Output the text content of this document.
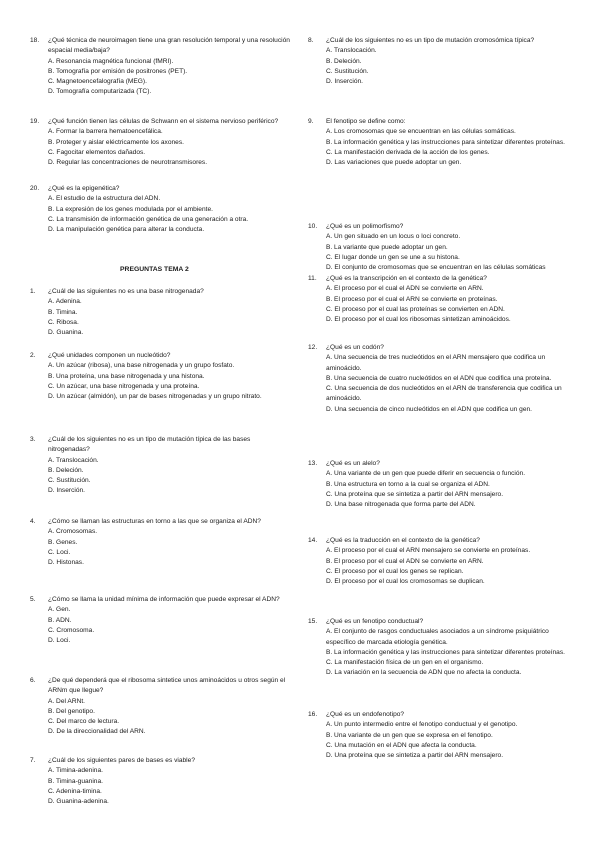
18. ¿Qué técnica de neuroimagen tiene una gran resolución temporal y una resolución espacial media/baja?
A. Resonancia magnética funcional (fMRI).
B. Tomografía por emisión de positrones (PET).
C. Magnetoencefalografía (MEG).
D. Tomografía computarizada (TC).
19. ¿Qué función tienen las células de Schwann en el sistema nervioso periférico?
A. Formar la barrera hematoencefálica.
B. Proteger y aislar eléctricamente los axones.
C. Fagocitar elementos dañados.
D. Regular las concentraciones de neurotransmisores.
20. ¿Qué es la epigenética?
A. El estudio de la estructura del ADN.
B. La expresión de los genes modulada por el ambiente.
C. La transmisión de información genética de una generación a otra.
D. La manipulación genética para alterar la conducta.
PREGUNTAS TEMA 2
1. ¿Cuál de las siguientes no es una base nitrogenada?
A. Adenina.
B. Timina.
C. Ribosa.
D. Guanina.
2. ¿Qué unidades componen un nucleótido?
A. Un azúcar (ribosa), una base nitrogenada y un grupo fosfato.
B. Una proteína, una base nitrogenada y una histona.
C. Un azúcar, una base nitrogenada y una proteína.
D. Un azúcar (almidón), un par de bases nitrogenadas y un grupo nitrato.
3. ¿Cuál de los siguientes no es un tipo de mutación típica de las bases nitrogenadas?
A. Translocación.
B. Deleción.
C. Sustitución.
D. Inserción.
4. ¿Cómo se llaman las estructuras en torno a las que se organiza el ADN?
A. Cromosomas.
B. Genes.
C. Loci.
D. Histonas.
5. ¿Cómo se llama la unidad mínima de información que puede expresar el ADN?
A. Gen.
B. ADN.
C. Cromosoma.
D. Loci.
6. ¿De qué dependerá que el ribosoma sintetice unos aminoácidos u otros según el ARNm que llegue?
A. Del ARNt.
B. Del genotipo.
C. Del marco de lectura.
D. De la direccionalidad del ARN.
7. ¿Cuál de los siguientes pares de bases es viable?
A. Timina-adenina.
B. Timina-guanina.
C. Adenina-timina.
D. Guanina-adenina.
8. ¿Cuál de los siguientes no es un tipo de mutación cromosómica típica?
A. Translocación.
B. Deleción.
C. Sustitución.
D. Inserción.
9. El fenotipo se define como:
A. Los cromosomas que se encuentran en las células somáticas.
B. La información genética y las instrucciones para sintetizar diferentes proteínas.
C. La manifestación derivada de la acción de los genes.
D. Las variaciones que puede adoptar un gen.
10. ¿Qué es un polimorfismo?
A. Un gen situado en un locus o loci concreto.
B. La variante que puede adoptar un gen.
C. El lugar donde un gen se une a su histona.
D. El conjunto de cromosomas que se encuentran en las células somáticas
11. ¿Qué es la transcripción en el contexto de la genética?
A. El proceso por el cual el ADN se convierte en ARN.
B. El proceso por el cual el ARN se convierte en proteínas.
C. El proceso por el cual las proteínas se convierten en ADN.
D. El proceso por el cual los ribosomas sintetizan aminoácidos.
12. ¿Qué es un codón?
A. Una secuencia de tres nucleótidos en el ARN mensajero que codifica un aminoácido.
B. Una secuencia de cuatro nucleótidos en el ADN que codifica una proteína.
C. Una secuencia de dos nucleótidos en el ARN de transferencia que codifica un aminoácido.
D. Una secuencia de cinco nucleótidos en el ADN que codifica un gen.
13. ¿Qué es un alelo?
A. Una variante de un gen que puede diferir en secuencia o función.
B. Una estructura en torno a la cual se organiza el ADN.
C. Una proteína que se sintetiza a partir del ARN mensajero.
D. Una base nitrogenada que forma parte del ADN.
14. ¿Qué es la traducción en el contexto de la genética?
A. El proceso por el cual el ARN mensajero se convierte en proteínas.
B. El proceso por el cual el ADN se convierte en ARN.
C. El proceso por el cual los genes se replican.
D. El proceso por el cual los cromosomas se duplican.
15. ¿Qué es un fenotipo conductual?
A. El conjunto de rasgos conductuales asociados a un síndrome psiquiátrico específico de marcada etiología genética.
B. La información genética y las instrucciones para sintetizar diferentes proteínas.
C. La manifestación física de un gen en el organismo.
D. La variación en la secuencia de ADN que no afecta la conducta.
16. ¿Qué es un endofenotipo?
A. Un punto intermedio entre el fenotipo conductual y el genotipo.
B. Una variante de un gen que se expresa en el fenotipo.
C. Una mutación en el ADN que afecta la conducta.
D. Una proteína que se sintetiza a partir del ARN mensajero.
